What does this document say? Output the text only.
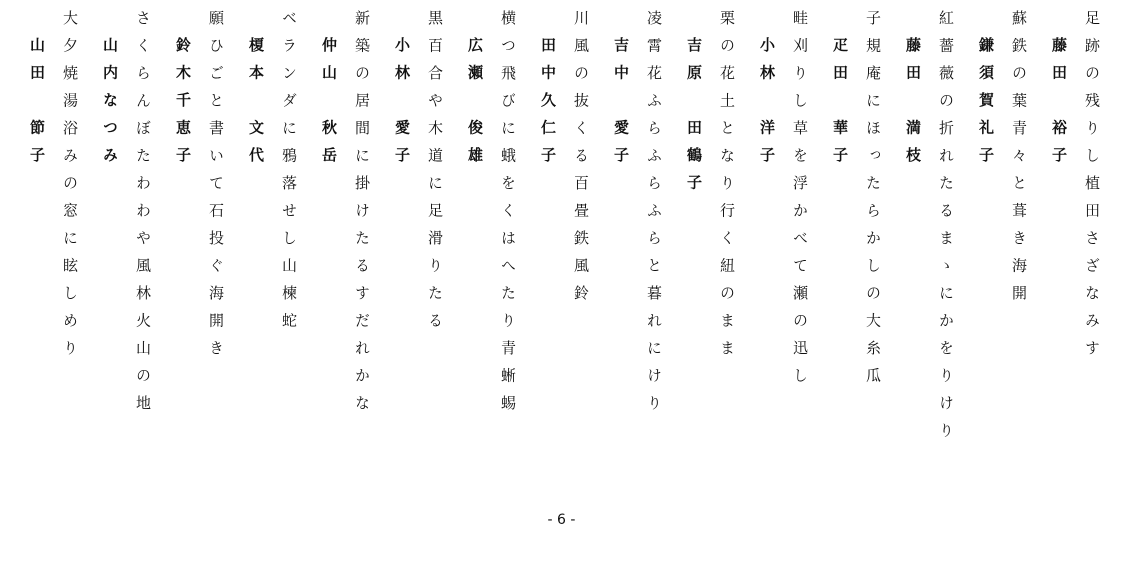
足跡の残りし植田さざなみす
藤田　裕子
蘇鉄の葉青々と葺き海開
鎌須賀礼子
紅薔薇の折れたるまゝにかをりけり
藤田　満枝
子規庵にほったらかしの大糸瓜
疋田　華子
畦刈りし草を浮かべて瀬の迅し
小林　洋子
栗の花土となり行く紐のまま
吉原　田鶴子
凌霄花ふらふらふらと暮れにけり
吉中　愛子
川風の抜くる百畳鉄風鈴
田中久仁子
横つ飛びに蛾をくはへたり青蜥蜴
広瀬　俊雄
黒百合や木道に足滑りたる
小林　愛子
新築の居間に掛けたるすだれかな
仲山　秋岳
ベランダに鴉落せし山楝蛇
榎本　文代
願ひごと書いて石投ぐ海開き
鈴木千恵子
さくらんぼたわわや風林火山の地
山内なつみ
大夕焼湯浴みの窓に眩しめり
山田　節子
- 6 -
